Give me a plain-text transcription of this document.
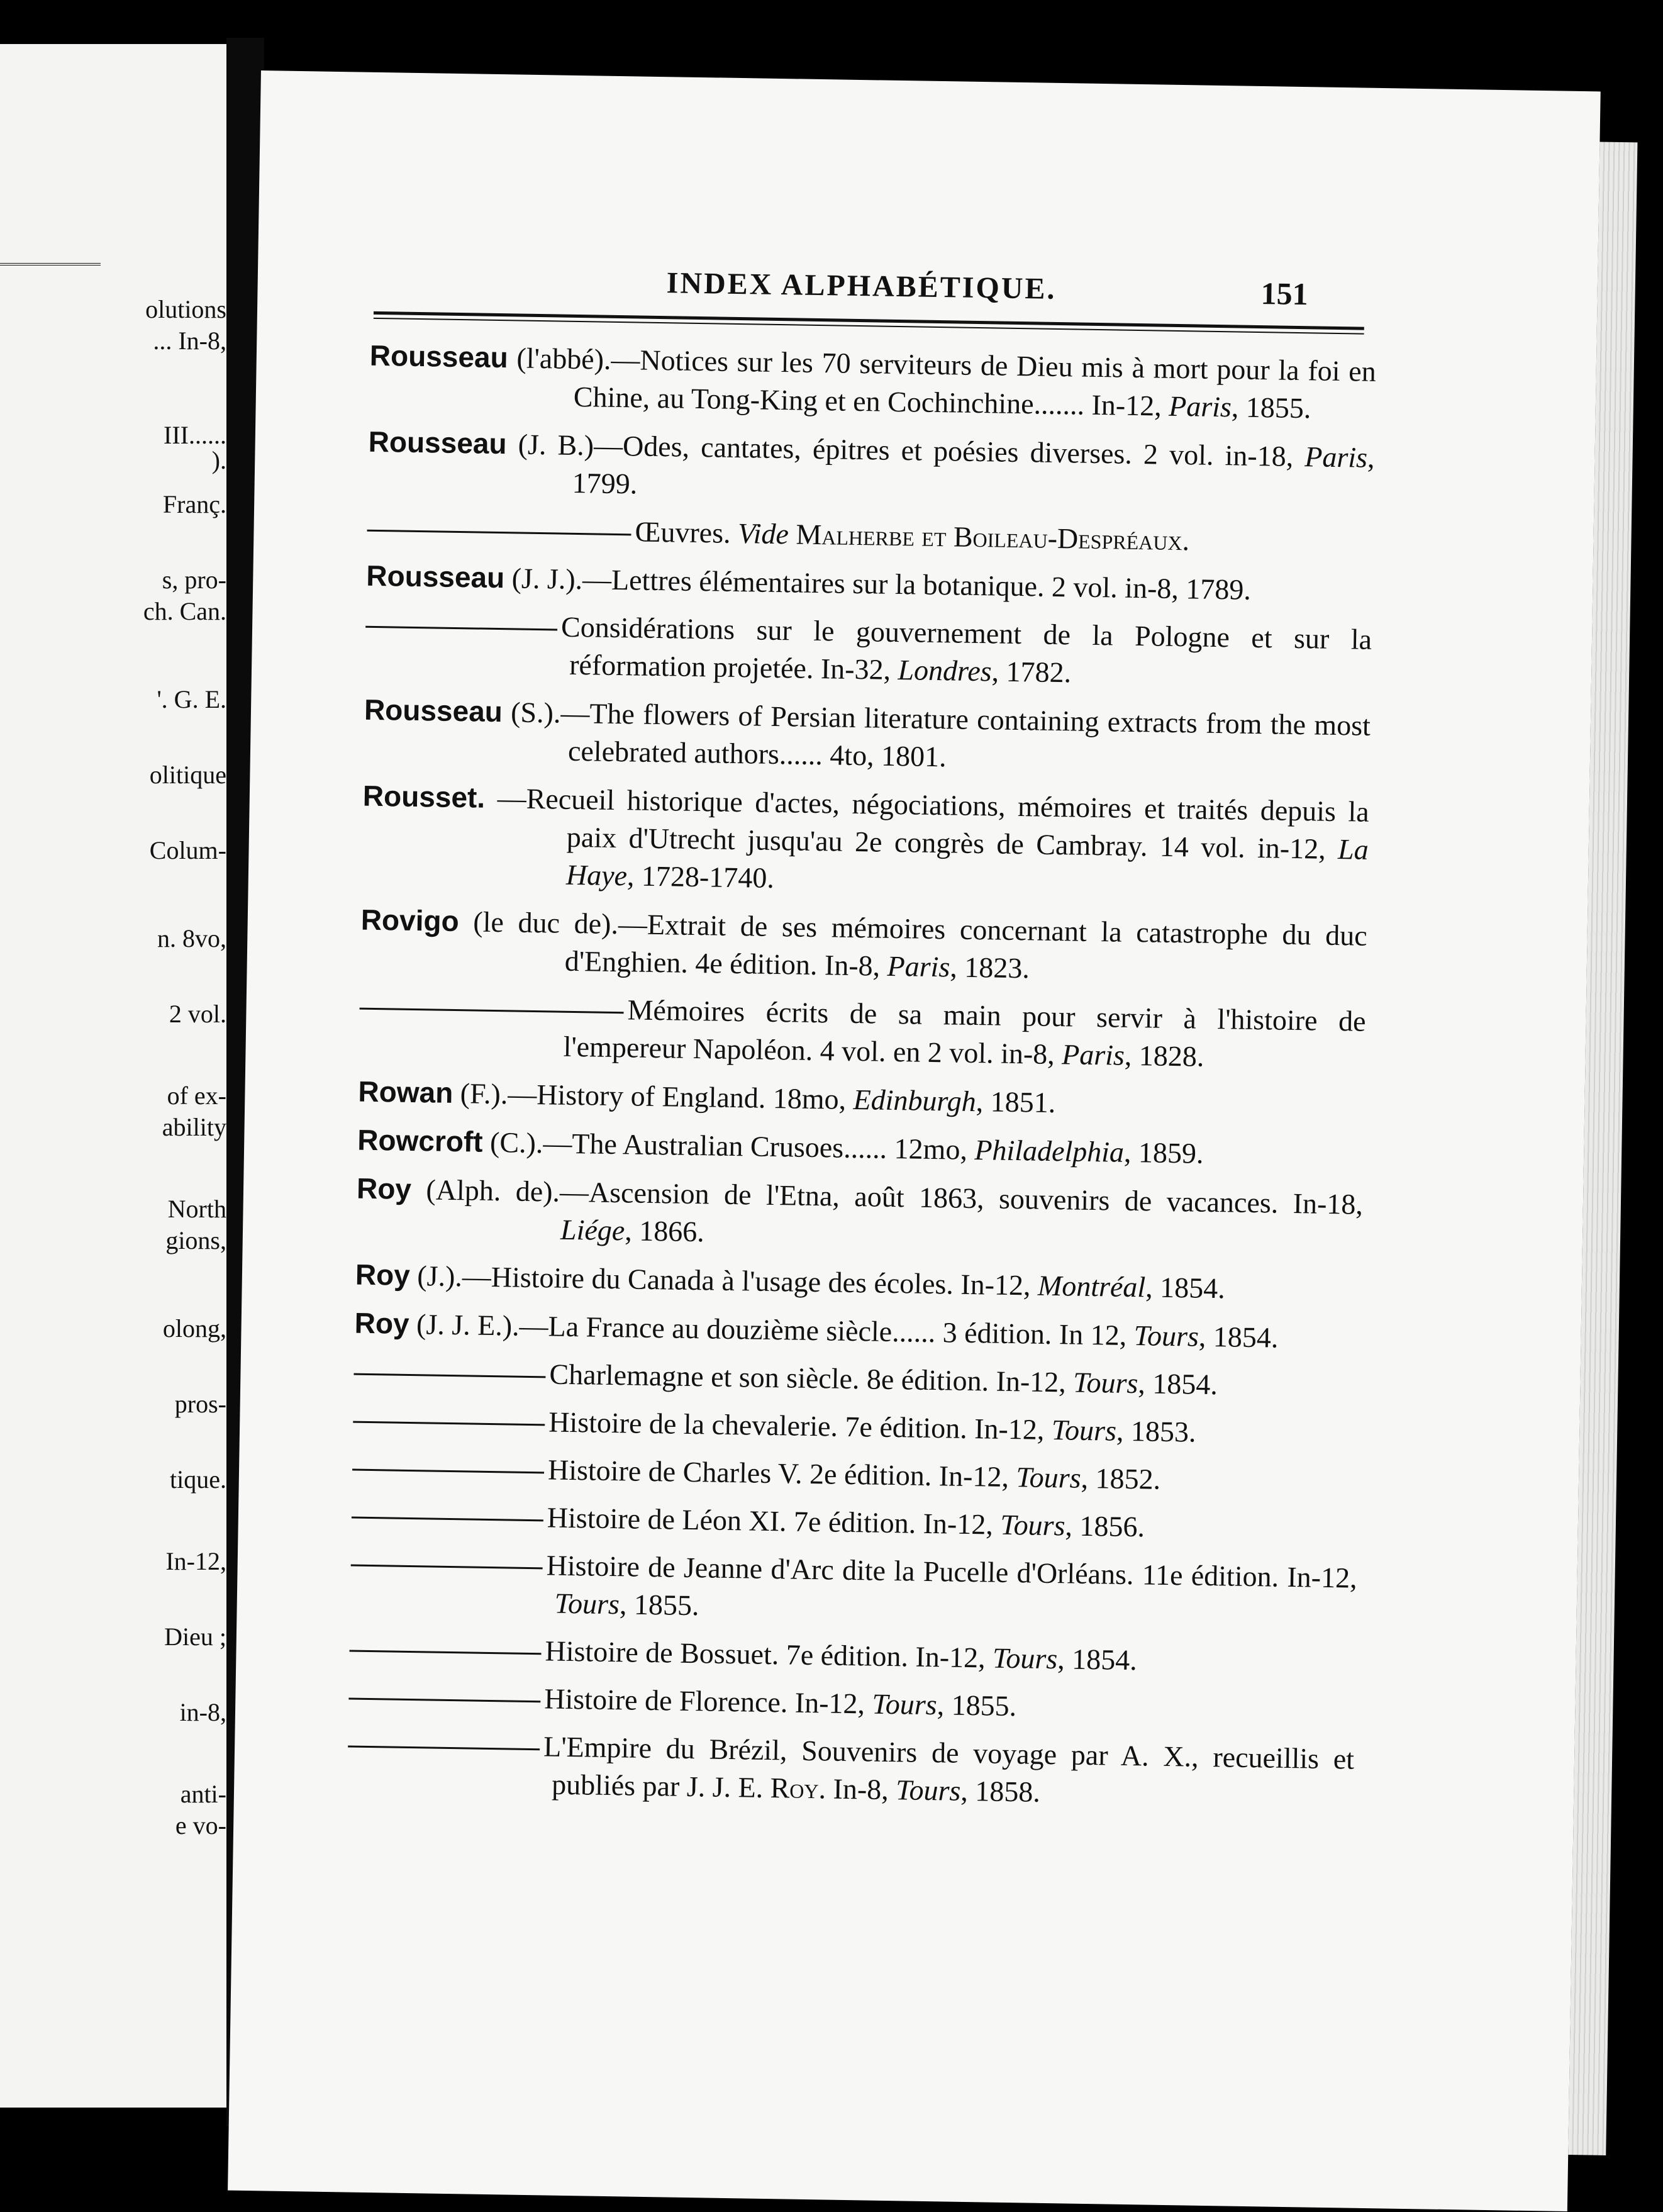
olutions

... In-8,

III......

).

Franç.

s, pro-

ch. Can.

'. G. E.

olitique

Colum-

n. 8vo,

2 vol.

of ex-

ability

North

gions,

olong,

pros-

tique.

In-12,

Dieu ;

in-8,

anti-

e vo-

INDEX ALPHABÉTIQUE.	151

Rousseau (l'abbé).—Notices sur les 70 serviteurs de Dieu mis à mort pour la foi en Chine, au Tong-King et en Cochinchine....... In-12, Paris, 1855.

Rousseau (J. B.)—Odes, cantates, épitres et poésies diverses. 2 vol. in-18, Paris, 1799.

Œuvres. Vide Malherbe et Boileau-Despréaux.

Rousseau (J. J.).—Lettres élémentaires sur la botanique. 2 vol. in-8, 1789.

Considérations sur le gouvernement de la Pologne et sur la réformation projetée. In-32, Londres, 1782.

Rousseau (S.).—The flowers of Persian literature containing extracts from the most celebrated authors...... 4to, 1801.

Rousset. —Recueil historique d'actes, négociations, mémoires et traités depuis la paix d'Utrecht jusqu'au 2e congrès de Cambray. 14 vol. in-12, La Haye, 1728-1740.

Rovigo (le duc de).—Extrait de ses mémoires concernant la catastrophe du duc d'Enghien. 4e édition. In-8, Paris, 1823.

Mémoires écrits de sa main pour servir à l'histoire de l'empereur Napoléon. 4 vol. en 2 vol. in-8, Paris, 1828.

Rowan (F.).—History of England. 18mo, Edinburgh, 1851.

Rowcroft (C.).—The Australian Crusoes...... 12mo, Philadelphia, 1859.

Roy (Alph. de).—Ascension de l'Etna, août 1863, souvenirs de vacances. In-18, Liége, 1866.

Roy (J.).—Histoire du Canada à l'usage des écoles. In-12, Montréal, 1854.

Roy (J. J. E.).—La France au douzième siècle...... 3 édition. In 12, Tours, 1854.

Charlemagne et son siècle. 8e édition. In-12, Tours, 1854.

Histoire de la chevalerie. 7e édition. In-12, Tours, 1853.

Histoire de Charles V. 2e édition. In-12, Tours, 1852.

Histoire de Léon XI. 7e édition. In-12, Tours, 1856.

Histoire de Jeanne d'Arc dite la Pucelle d'Orléans. 11e édition. In-12, Tours, 1855.

Histoire de Bossuet. 7e édition. In-12, Tours, 1854.

Histoire de Florence. In-12, Tours, 1855.

L'Empire du Brézil, Souvenirs de voyage par A. X., recueillis et publiés par J. J. E. Roy. In-8, Tours, 1858.
